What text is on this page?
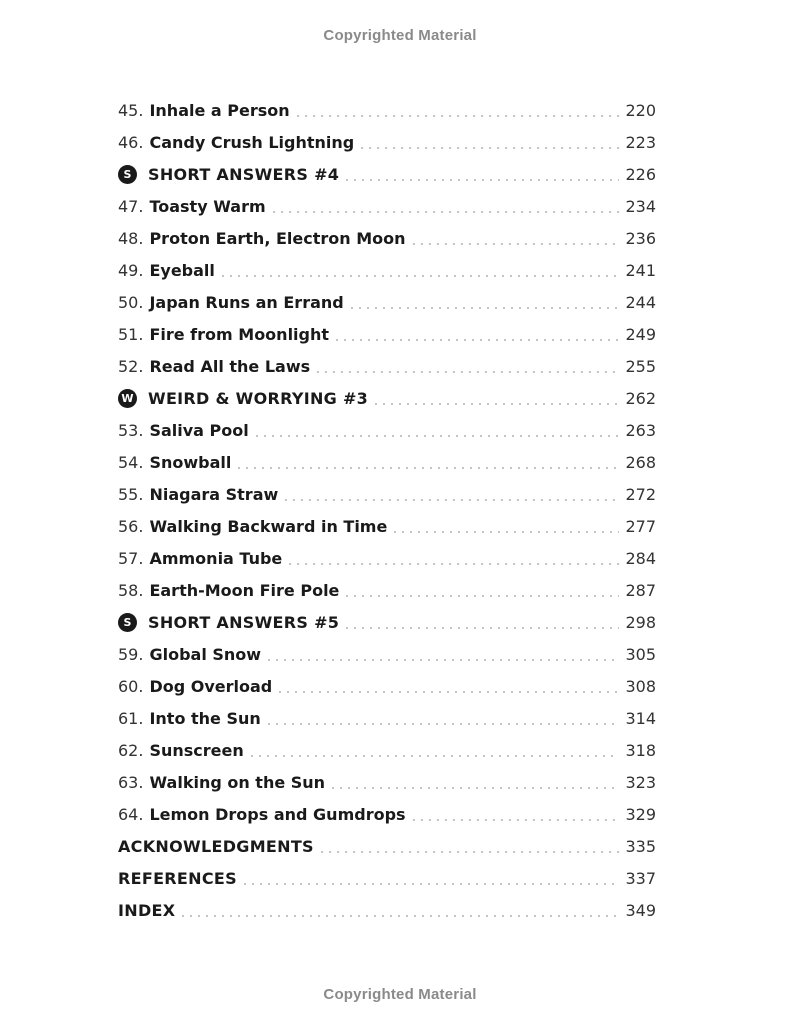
Copyrighted Material
45. Inhale a Person	220
46. Candy Crush Lightning	223
S	SHORT ANSWERS #4	226
47. Toasty Warm	234
48. Proton Earth, Electron Moon	236
49. Eyeball	241
50. Japan Runs an Errand	244
51. Fire from Moonlight	249
52. Read All the Laws	255
W WEIRD & WORRYING #3	262
53. Saliva Pool	263
54. Snowball	268
55. Niagara Straw	272
56. Walking Backward in Time	277
57. Ammonia Tube	284
58. Earth-Moon Fire Pole	287
S	SHORT ANSWERS #5	298
59. Global Snow	305
60. Dog Overload	308
61. Into the Sun	314
62. Sunscreen	318
63. Walking on the Sun	323
64. Lemon Drops and Gumdrops	329
ACKNOWLEDGMENTS	335
REFERENCES	337
INDEX	349
Copyrighted Material
